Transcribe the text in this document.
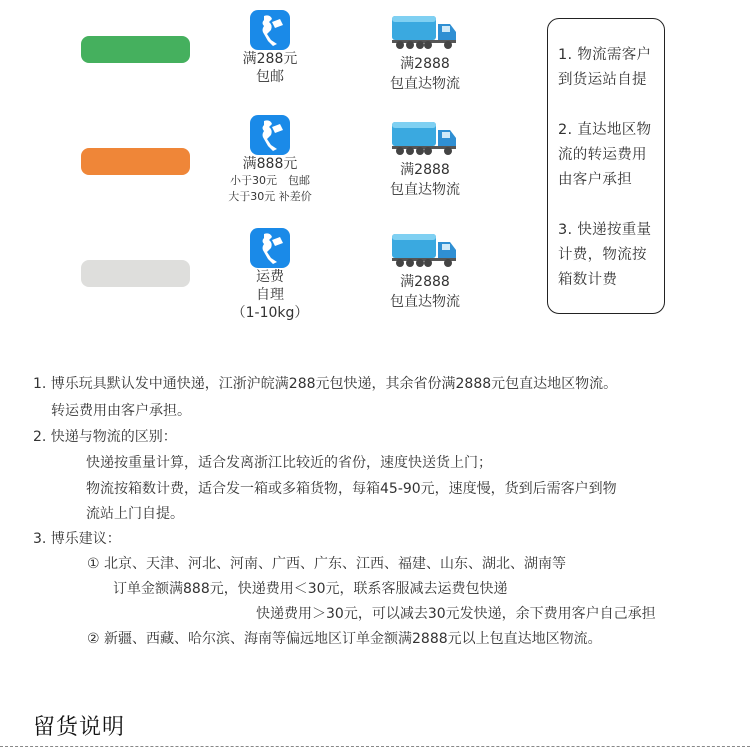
满288元
包邮
满888元
小于30元　包邮
大于30元 补差价
运费
自理
（1-10kg）
满2888
包直达物流
满2888
包直达物流
满2888
包直达物流

1. 物流需客户到货运站自提

2. 直达地区物流的转运费用由客户承担

3. 快递按重量计费，物流按箱数计费

1. 博乐玩具默认发中通快递，江浙沪皖满288元包快递，其余省份满2888元包直达地区物流。
转运费用由客户承担。
2. 快递与物流的区别：
快递按重量计算，适合发离浙江比较近的省份，速度快送货上门；
物流按箱数计费，适合发一箱或多箱货物，每箱45-90元，速度慢，货到后需客户到物
流站上门自提。
3. 博乐建议：
① 北京、天津、河北、河南、广西、广东、江西、福建、山东、湖北、湖南等
订单金额满888元，快递费用＜30元，联系客服减去运费包快递
快递费用＞30元，可以减去30元发快递，余下费用客户自己承担
② 新疆、西藏、哈尔滨、海南等偏远地区订单金额满2888元以上包直达地区物流。
留货说明
